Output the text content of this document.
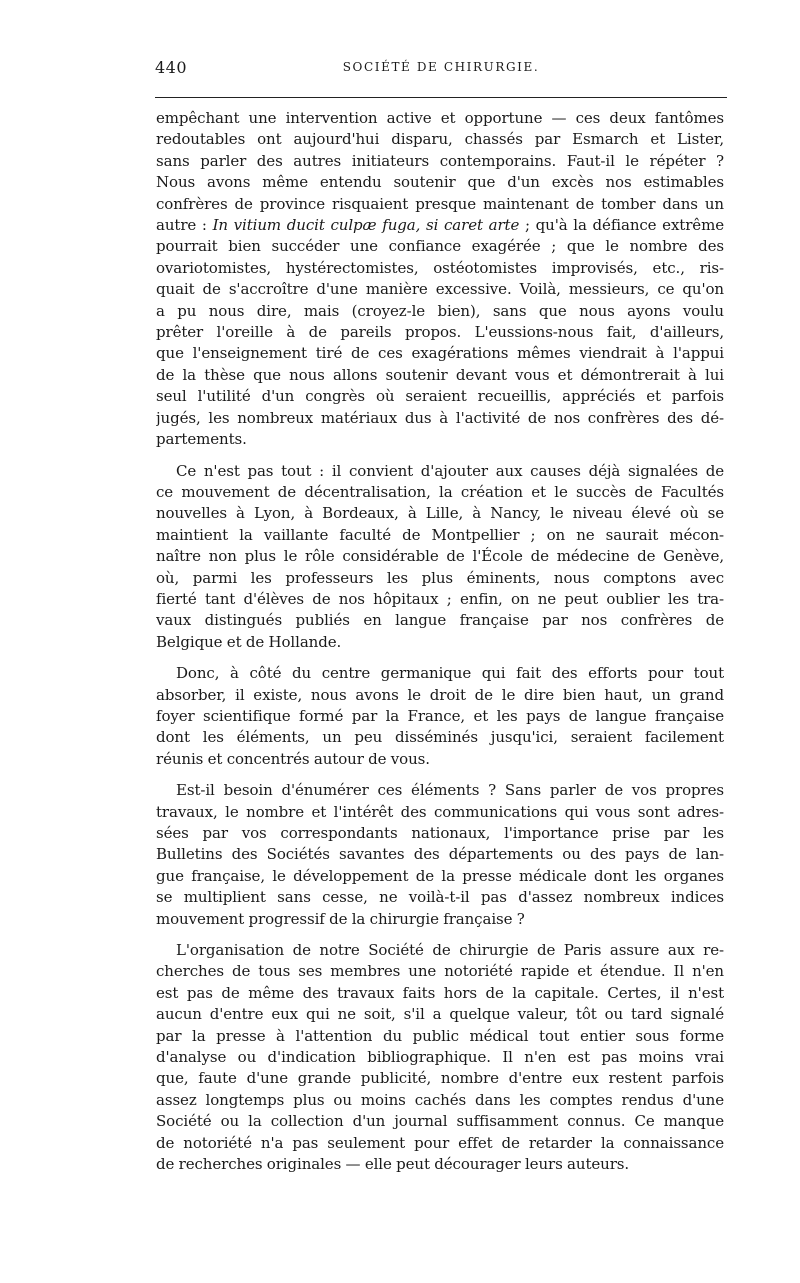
440	SOCIÉTÉ DE CHIRURGIE.
empêchant une intervention active et opportune — ces deux fantômes
redoutables ont aujourd'hui disparu, chassés par Esmarch et Lister,
sans parler des autres initiateurs contemporains. Faut-il le répéter ?
Nous avons même entendu soutenir que d'un excès nos estimables
confrères de province risquaient presque maintenant de tomber dans un
autre : In vitium ducit culpæ fuga, si caret arte ; qu'à la défiance extrême
pourrait bien succéder une confiance exagérée ; que le nombre des
ovariotomistes, hystérectomistes, ostéotomistes improvisés, etc., ris-
quait de s'accroître d'une manière excessive. Voilà, messieurs, ce qu'on
a pu nous dire, mais (croyez-le bien), sans que nous ayons voulu
prêter l'oreille à de pareils propos. L'eussions-nous fait, d'ailleurs,
que l'enseignement tiré de ces exagérations mêmes viendrait à l'appui
de la thèse que nous allons soutenir devant vous et démontrerait à lui
seul l'utilité d'un congrès où seraient recueillis, appréciés et parfois
jugés, les nombreux matériaux dus à l'activité de nos confrères des dé-
partements.
Ce n'est pas tout : il convient d'ajouter aux causes déjà signalées de
ce mouvement de décentralisation, la création et le succès de Facultés
nouvelles à Lyon, à Bordeaux, à Lille, à Nancy, le niveau élevé où se
maintient la vaillante faculté de Montpellier ; on ne saurait mécon-
naître non plus le rôle considérable de l'École de médecine de Genève,
où, parmi les professeurs les plus éminents, nous comptons avec
fierté tant d'élèves de nos hôpitaux ; enfin, on ne peut oublier les tra-
vaux distingués publiés en langue française par nos confrères de
Belgique et de Hollande.
Donc, à côté du centre germanique qui fait des efforts pour tout
absorber, il existe, nous avons le droit de le dire bien haut, un grand
foyer scientifique formé par la France, et les pays de langue française
dont les éléments, un peu disséminés jusqu'ici, seraient facilement
réunis et concentrés autour de vous.
Est-il besoin d'énumérer ces éléments ? Sans parler de vos propres
travaux, le nombre et l'intérêt des communications qui vous sont adres-
sées par vos correspondants nationaux, l'importance prise par les
Bulletins des Sociétés savantes des départements ou des pays de lan-
gue française, le développement de la presse médicale dont les organes
se multiplient sans cesse, ne voilà-t-il pas d'assez nombreux indices
mouvement progressif de la chirurgie française ?
L'organisation de notre Société de chirurgie de Paris assure aux re-
cherches de tous ses membres une notoriété rapide et étendue. Il n'en
est pas de même des travaux faits hors de la capitale. Certes, il n'est
aucun d'entre eux qui ne soit, s'il a quelque valeur, tôt ou tard signalé
par la presse à l'attention du public médical tout entier sous forme
d'analyse ou d'indication bibliographique. Il n'en est pas moins vrai
que, faute d'une grande publicité, nombre d'entre eux restent parfois
assez longtemps plus ou moins cachés dans les comptes rendus d'une
Société ou la collection d'un journal suffisamment connus. Ce manque
de notoriété n'a pas seulement pour effet de retarder la connaissance
de recherches originales — elle peut décourager leurs auteurs.
